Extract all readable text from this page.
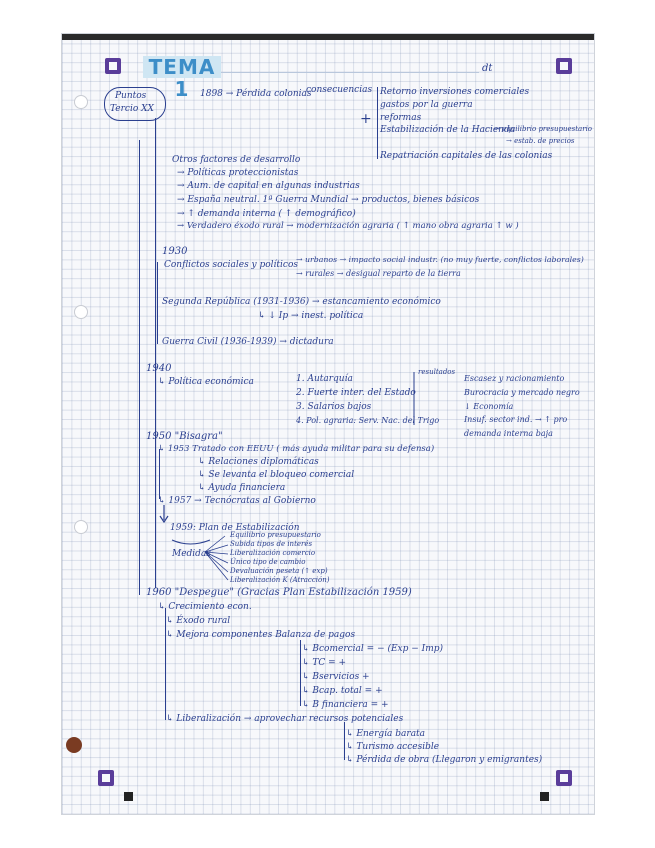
TEMA 1
dt
Puntos
Tercio XX
1898 → Pérdida colonias
consecuencias Retorno inversiones comerciales
gastos por la guerra
+ reformas
Estabilización de la Hacienda
→ equilibrio presupuestario
→ estab. de precios
Repatriación capitales de las colonias
Otros factores de desarrollo
→ Políticas proteccionistas
→ Aum. de capital en algunas industrias
→ España neutral. 1ª Guerra Mundial → productos, bienes básicos
→ ↑ demanda interna ( ↑ demográfico)
→ Verdadero éxodo rural → modernización agraria ( ↑ mano obra agraria ↑ w )
1930
Conflictos sociales y políticos
→ urbanos → impacto social industr. (no muy fuerte, conflictos laborales)
→ rurales → desigual reparto de la tierra
Segunda República (1931-1936) → estancamiento económico
↳ ↓ Ip → inest. política
Guerra Civil (1936-1939) → dictadura
1940
↳ Política económica	1. Autarquía
2. Fuerte inter. del Estado
3. Salarios bajos
4. Pol. agraria: Serv. Nac. del Trigo
resultados
Escasez y racionamiento
Burocracia y mercado negro
↓ Economía
Insuf. sector ind. → ↑ pro
demanda interna baja
1950 "Bisagra"
↳ 1953 Tratado con EEUU ( más ayuda militar para su defensa)
↳ Relaciones diplomáticas
↳ Se levanta el bloqueo comercial
↳ Ayuda financiera
↳ 1957 → Tecnócratas al Gobierno
1959: Plan de Estabilización
Medidas
Equilibrio presupuestario
Subida tipos de interés
Liberalización comercio
Único tipo de cambio
Devaluación peseta (↑ exp)
Liberalización K (Atracción)
1960 "Despegue" (Gracias Plan Estabilización 1959)
↳ Crecimiento econ.
↳ Éxodo rural
↳ Mejora componentes Balanza de pagos
↳ Bcomercial = − (Exp − Imp)
↳ TC = +
↳ Bservicios +
↳ Bcap. total = +
↳ B financiera = +
↳ Liberalización → aprovechar recursos potenciales
↳ Energía barata
↳ Turismo accesible
↳ Pérdida de obra (Llegaron y emigrantes)
